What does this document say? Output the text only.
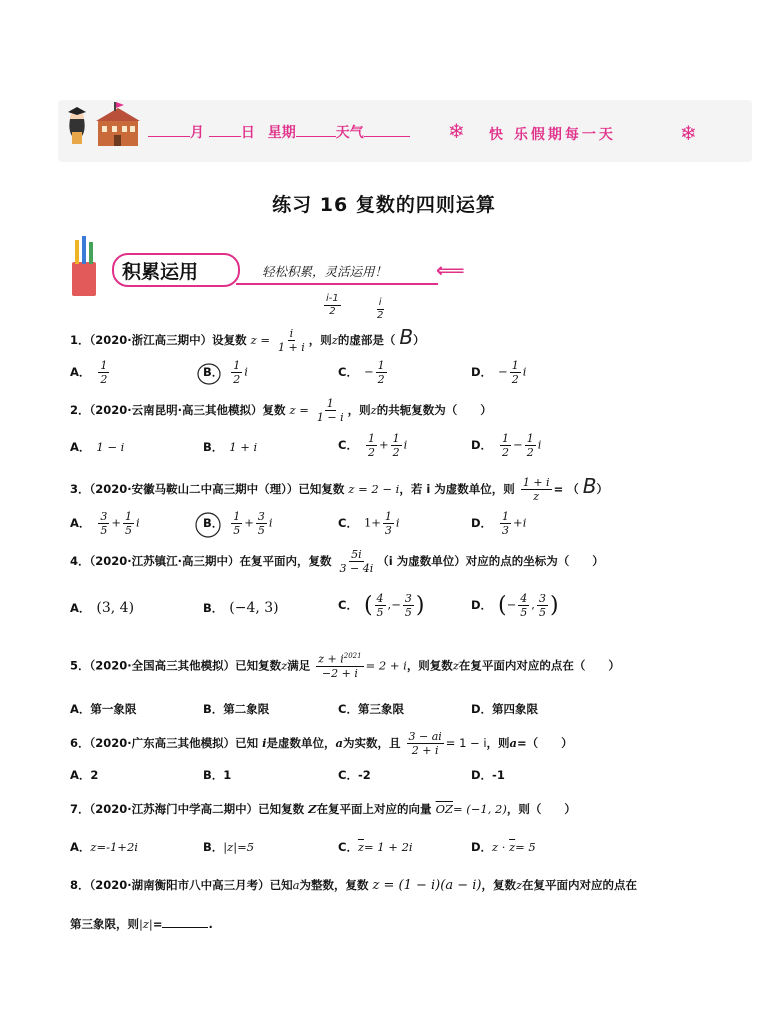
月	日 星期	天气	❄ 快 乐假期每一天	❄
练习 16 复数的四则运算
积累运用	轻松积累，灵活运用！ ⟸
$\frac{i-1}{2}$	$\frac{i}{2}$
1．（2020·浙江高三期中）设复数 $z = \frac{i}{1 + i}$ ，则z的虚部是（ B）
A． $\frac{1}{2}$	B． $\frac{1}{2}$ i	C． − $\frac{1}{2}$	D． − $\frac{1}{2}$ i
2．（2020·云南昆明·高三其他模拟）复数 $z = \frac{1}{1 - i}$ ，则z的共轭复数为（　　）
A． 1 − i	B． 1 + i	C． $\frac{1}{2} + \frac{1}{2}$ i	D． $\frac{1}{2} - \frac{1}{2}$ i
3．（2020·安徽马鞍山二中高三期中（理））已知复数 z = 2 − i，若 i 为虚数单位，则 $\frac{1 + i}{z}$ = （ B）
A． $\frac{3}{5} + \frac{1}{5}$ i	B． $\frac{1}{5} + \frac{3}{5}$ i	C． $1+ \frac{1}{3}$ i	D． $\frac{1}{3} +i$
4．（2020·江苏镇江·高三期中）在复平面内，复数 $\frac{5i}{3 - 4i} (i$ 为虚数单位）对应的点的坐标为（　　）
A． (3, 4)	B． (−4, 3)	C． ( $\frac{4}{5}$ ,− $\frac{3}{5}$ )	D． (− $\frac{4}{5}$ , $\frac{3}{5}$ )
5．（2020·全国高三其他模拟）已知复数z满足 $\frac{z + i^{2021}}{-2 + i} = 2 + i$，则复数z在复平面内对应的点在（　　）
A．第一象限	B．第二象限	C．第三象限	D．第四象限
6．（2020·广东高三其他模拟）已知 i是虚数单位，a为实数，且 $\frac{3 - ai}{2 + i} = 1 - i$，则a=（　　）
A．2	B．1	C．-2	D．-1
7．（2020·江苏海门中学高二期中）已知复数 Z在复平面上对应的向量 $\overline{OZ}= (-1$, 2)，则（　　）
A．z=-1+2i	B．|z|=5	C．$\overline{z}= 1 + 2i$	D．$z \cdot \overline{z}= 5$
8．（2020·湖南衡阳市八中高三月考）已知a为整数，复数 z = (1 − i)(a − i)，复数z在复平面内对应的点在
第三象限，则|z|=	.
